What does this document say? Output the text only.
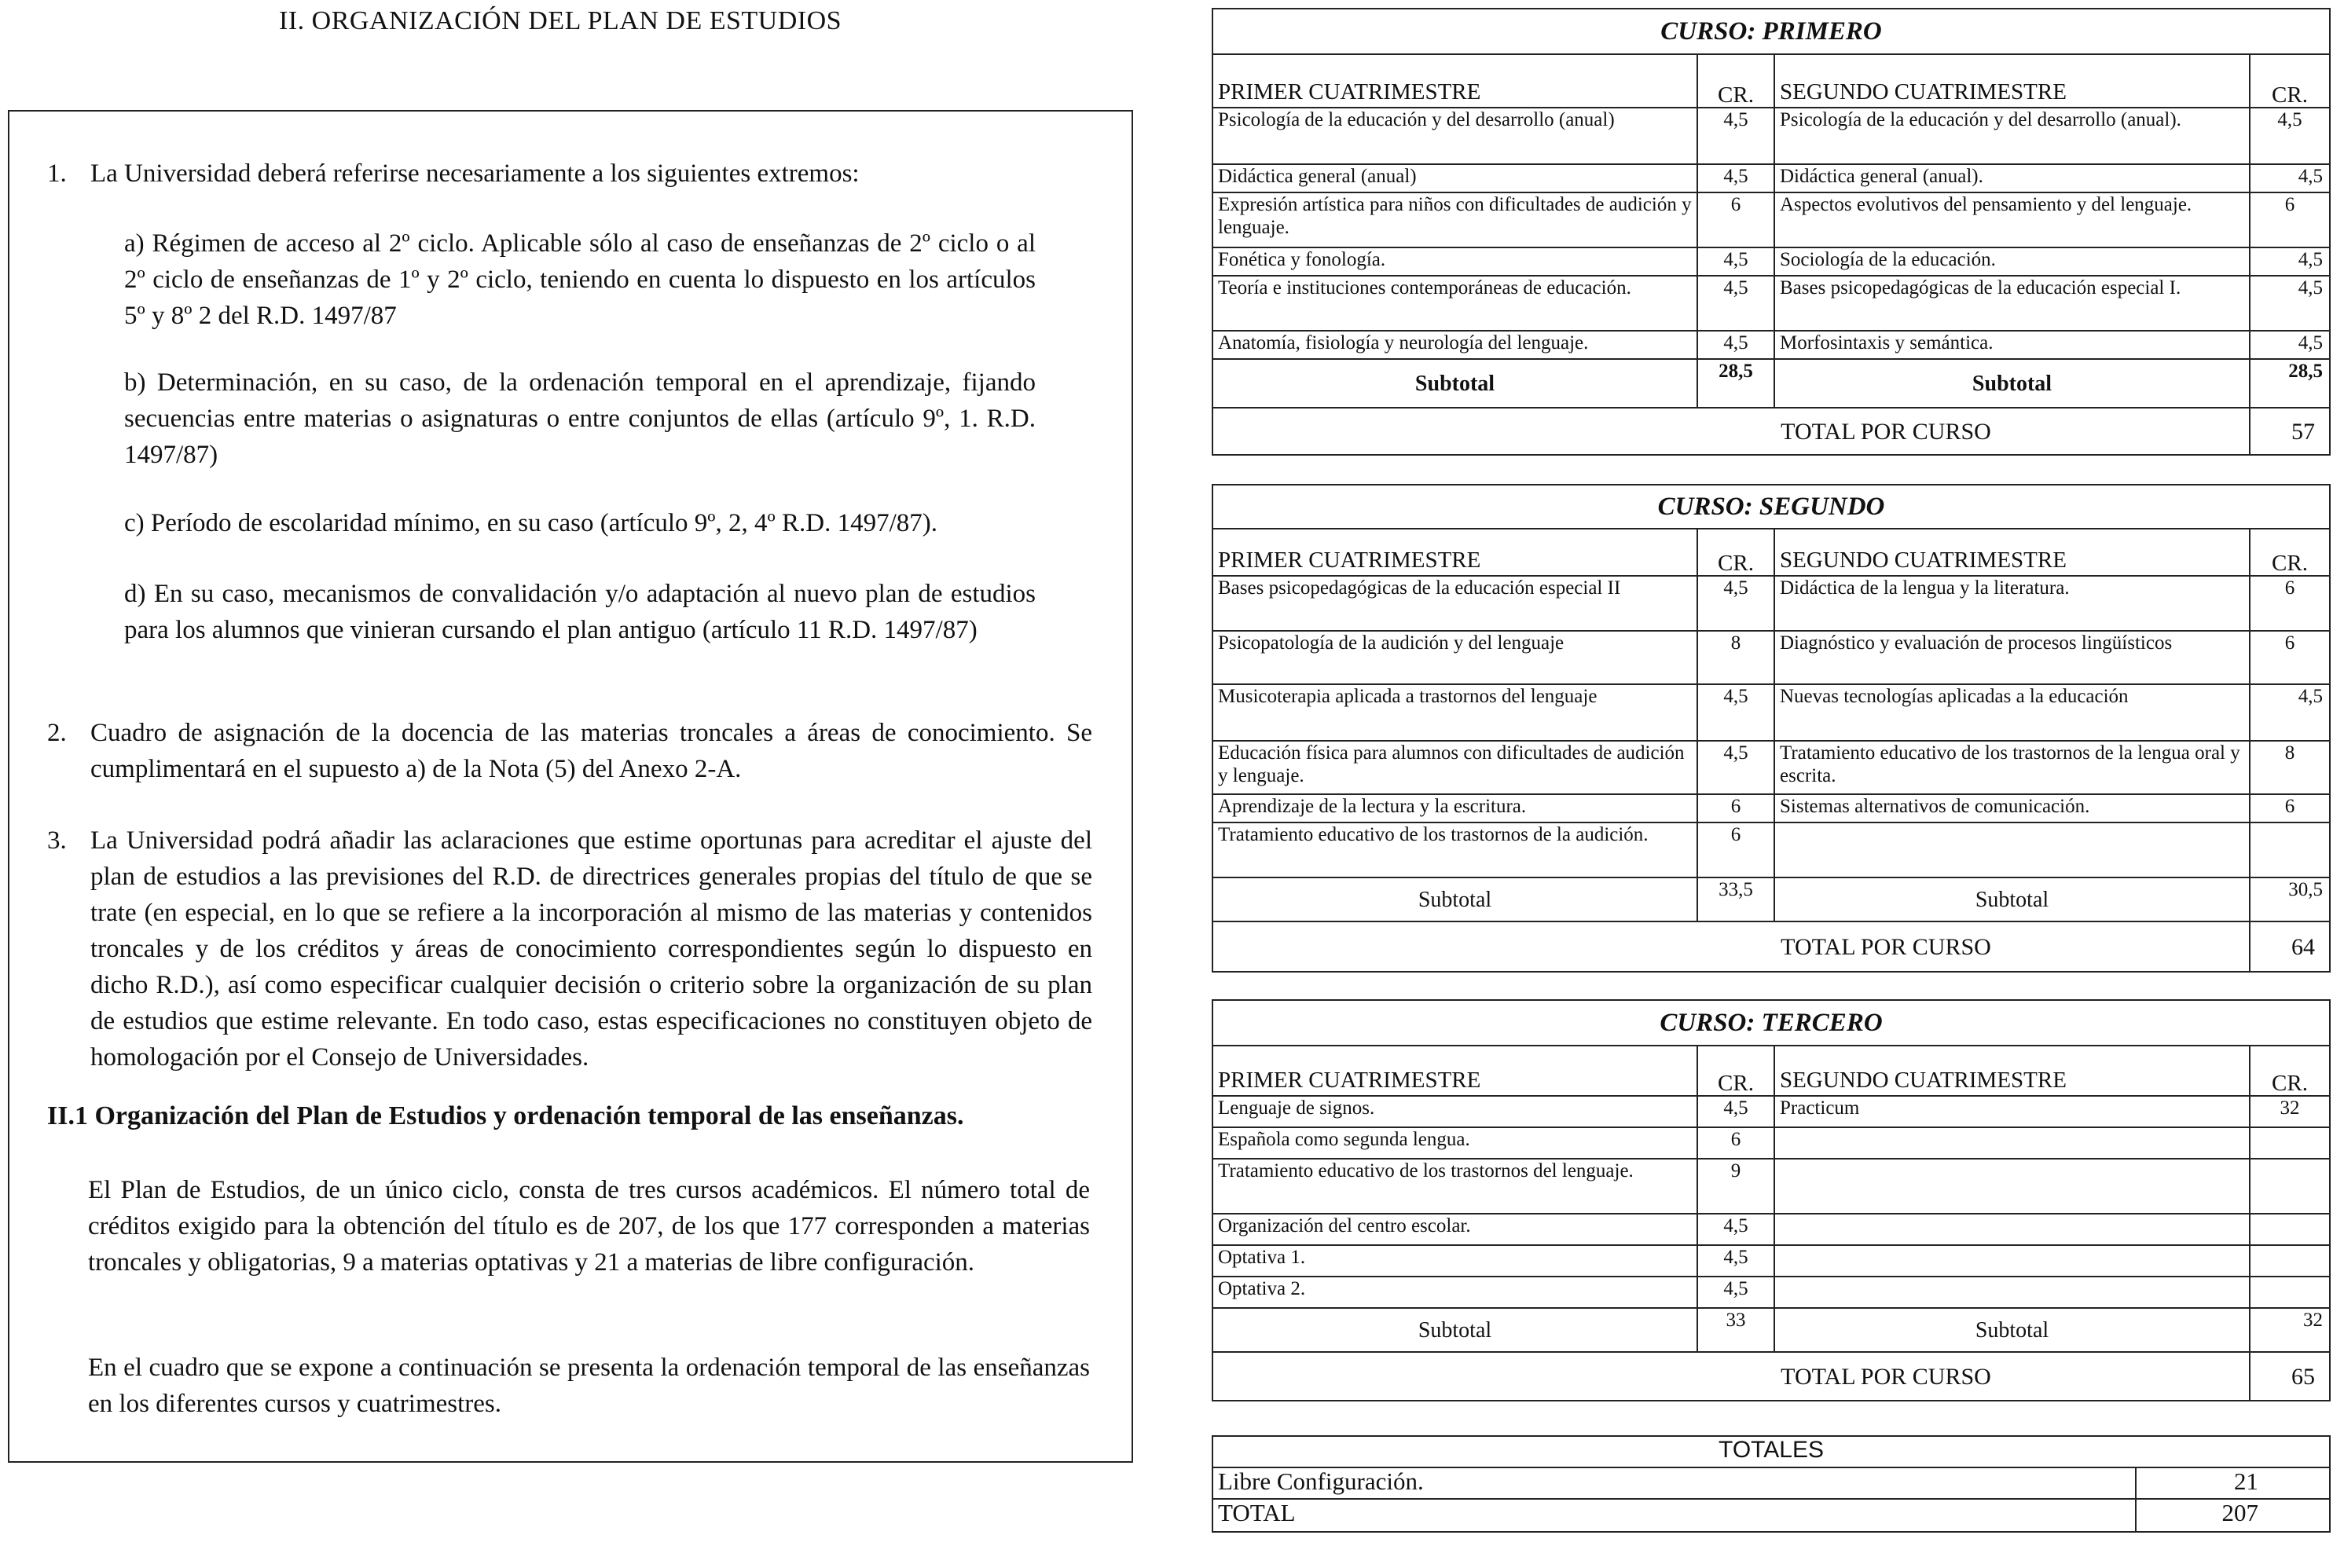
II. ORGANIZACIÓN DEL PLAN DE ESTUDIOS
1. La Universidad deberá referirse necesariamente a los siguientes extremos:

a) Régimen de acceso al 2º ciclo. Aplicable sólo al caso de enseñanzas de 2º ciclo o al 2º ciclo de enseñanzas de 1º y 2º ciclo, teniendo en cuenta lo dispuesto en los artículos 5º y 8º 2 del R.D. 1497/87

b) Determinación, en su caso, de la ordenación temporal en el aprendizaje, fijando secuencias entre materias o asignaturas o entre conjuntos de ellas (artículo 9º, 1. R.D. 1497/87)

c) Período de escolaridad mínimo, en su caso (artículo 9º, 2, 4º R.D. 1497/87).

d) En su caso, mecanismos de convalidación y/o adaptación al nuevo plan de estudios para los alumnos que vinieran cursando el plan antiguo (artículo 11 R.D. 1497/87)

2. Cuadro de asignación de la docencia de las materias troncales a áreas de conocimiento. Se cumplimentará en el supuesto a) de la Nota (5) del Anexo 2-A.

3. La Universidad podrá añadir las aclaraciones que estime oportunas para acreditar el ajuste del plan de estudios a las previsiones del R.D. de directrices generales propias del título de que se trate (en especial, en lo que se refiere a la incorporación al mismo de las materias y contenidos troncales y de los créditos y áreas de conocimiento correspondientes según lo dispuesto en dicho R.D.), así como especificar cualquier decisión o criterio sobre la organización de su plan de estudios que estime relevante. En todo caso, estas especificaciones no constituyen objeto de homologación por el Consejo de Universidades.

II.1 Organización del Plan de Estudios y ordenación temporal de las enseñanzas.

El Plan de Estudios, de un único ciclo, consta de tres cursos académicos. El número total de créditos exigido para la obtención del título es de 207, de los que 177 corresponden a materias troncales y obligatorias, 9 a materias optativas y 21 a materias de libre configuración.

En el cuadro que se expone a continuación se presenta la ordenación temporal de las enseñanzas en los diferentes cursos y cuatrimestres.

CURSO: PRIMERO			
PRIMER CUATRIMESTRE	CR.	SEGUNDO CUATRIMESTRE	CR.
Psicología de la educación y del desarrollo (anual)	4,5	Psicología de la educación y del desarrollo (anual).	4,5
Didáctica general (anual)	4,5	Didáctica general (anual).	4,5
Expresión artística para niños con dificultades de audición y lenguaje.	6	Aspectos evolutivos del pensamiento y del lenguaje.	6
Fonética y fonología.	4,5	Sociología de la educación.	4,5
Teoría e instituciones contemporáneas de educación.	4,5	Bases psicopedagógicas de la educación especial I.	4,5
Anatomía, fisiología y neurología del lenguaje.	4,5	Morfosintaxis y semántica.	4,5
Subtotal	28,5	Subtotal	28,5
TOTAL POR CURSO			57
CURSO: SEGUNDO			
PRIMER CUATRIMESTRE	CR.	SEGUNDO CUATRIMESTRE	CR.
Bases psicopedagógicas de la educación especial II	4,5	Didáctica de la lengua y la literatura.	6
Psicopatología de la audición y del lenguaje	8	Diagnóstico y evaluación de procesos lingüísticos	6
Musicoterapia aplicada a trastornos del lenguaje	4,5	Nuevas tecnologías aplicadas a la educación	4,5
Educación física para alumnos con dificultades de audición y lenguaje.	4,5	Tratamiento educativo de los trastornos de la lengua oral y escrita.	8
Aprendizaje de la lectura y la escritura.	6	Sistemas alternativos de comunicación.	6
Tratamiento educativo de los trastornos de la audición.	6		
Subtotal	33,5	Subtotal	30,5
TOTAL POR CURSO			64
CURSO: TERCERO			
PRIMER CUATRIMESTRE	CR.	SEGUNDO CUATRIMESTRE	CR.
Lenguaje de signos.	4,5	Practicum	32
Española como segunda lengua.	6		
Tratamiento educativo de los trastornos del lenguaje.	9		
Organización del centro escolar.	4,5		
Optativa 1.	4,5		
Optativa 2.	4,5		
Subtotal	33	Subtotal	32
TOTAL POR CURSO			65
TOTALES	
Libre Configuración.	21
TOTAL	207
